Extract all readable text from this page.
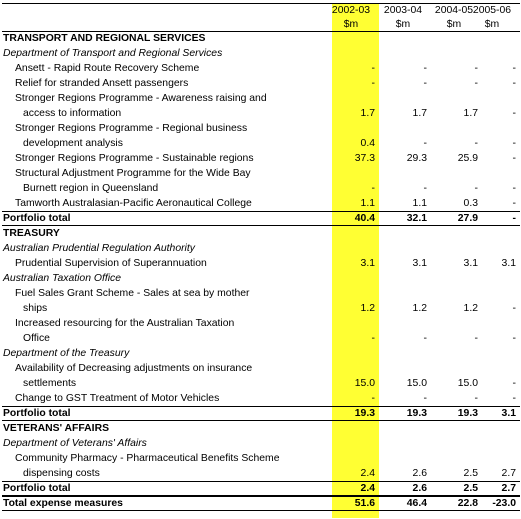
2002-03	2003-04	2004-05 2005-06
$m	$m	$m	$m
TRANSPORT AND REGIONAL SERVICES
Department of Transport and Regional Services
Ansett - Rapid Route Recovery Scheme	-	-	-	-
Relief for stranded Ansett passengers	-	-	-	-
Stronger Regions Programme - Awareness raising and
access to information	1.7	1.7	1.7	-
Stronger Regions Programme - Regional business
development analysis	0.4	-	-	-
Stronger Regions Programme - Sustainable regions	37.3	29.3	25.9	-
Structural Adjustment Programme for the Wide Bay
Burnett region in Queensland	-	-	-	-
Tamworth Australasian-Pacific Aeronautical College	1.1	1.1	0.3	-
Portfolio total	40.4	32.1	27.9	-
TREASURY
Australian Prudential Regulation Authority
Prudential Supervision of Superannuation	3.1	3.1	3.1	3.1
Australian Taxation Office
Fuel Sales Grant Scheme - Sales at sea by mother
ships	1.2	1.2	1.2	-
Increased resourcing for the Australian Taxation
Office	-	-	-	-
Department of the Treasury
Availability of Decreasing adjustments on insurance
settlements	15.0	15.0	15.0	-
Change to GST Treatment of Motor Vehicles	-	-	-	-
Portfolio total	19.3	19.3	19.3	3.1
VETERANS' AFFAIRS
Department of Veterans' Affairs
Community Pharmacy - Pharmaceutical Benefits Scheme
dispensing costs	2.4	2.6	2.5	2.7
Portfolio total	2.4	2.6	2.5	2.7
Total expense measures	51.6	46.4	22.8	-23.0
